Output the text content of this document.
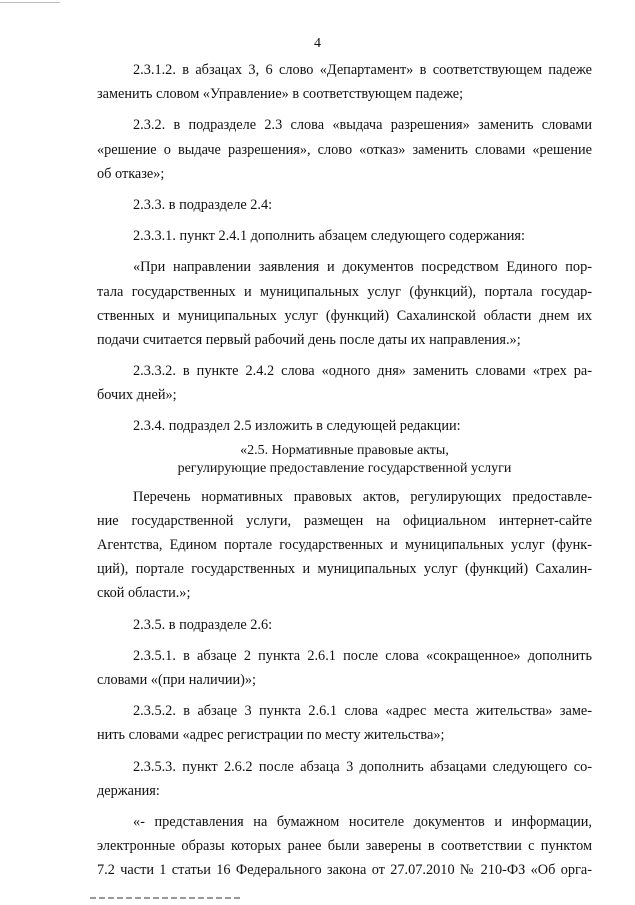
4
2.3.1.2. в абзацах 3, 6 слово «Департамент» в соответствующем падеже
заменить словом «Управление» в соответствующем падеже;
2.3.2. в подразделе 2.3 слова «выдача разрешения» заменить словами
«решение о выдаче разрешения», слово «отказ» заменить словами «решение
об отказе»;
2.3.3. в подразделе 2.4:
2.3.3.1. пункт 2.4.1 дополнить абзацем следующего содержания:
«При направлении заявления и документов посредством Единого пор-
тала государственных и муниципальных услуг (функций), портала государ-
ственных и муниципальных услуг (функций) Сахалинской области днем их
подачи считается первый рабочий день после даты их направления.»;
2.3.3.2. в пункте 2.4.2 слова «одного дня» заменить словами «трех ра-
бочих дней»;
2.3.4. подраздел 2.5 изложить в следующей редакции:
«2.5. Нормативные правовые акты,
регулирующие предоставление государственной услуги
Перечень нормативных правовых актов, регулирующих предоставле-
ние государственной услуги, размещен на официальном интернет-сайте
Агентства, Едином портале государственных и муниципальных услуг (функ-
ций), портале государственных и муниципальных услуг (функций) Сахалин-
ской области.»;
2.3.5. в подразделе 2.6:
2.3.5.1. в абзаце 2 пункта 2.6.1 после слова «сокращенное» дополнить
словами «(при наличии)»;
2.3.5.2. в абзаце 3 пункта 2.6.1 слова «адрес места жительства» заме-
нить словами «адрес регистрации по месту жительства»;
2.3.5.3. пункт 2.6.2 после абзаца 3 дополнить абзацами следующего со-
держания:
«- представления на бумажном носителе документов и информации,
электронные образы которых ранее были заверены в соответствии с пунктом
7.2 части 1 статьи 16 Федерального закона от 27.07.2010 № 210-ФЗ «Об орга-
